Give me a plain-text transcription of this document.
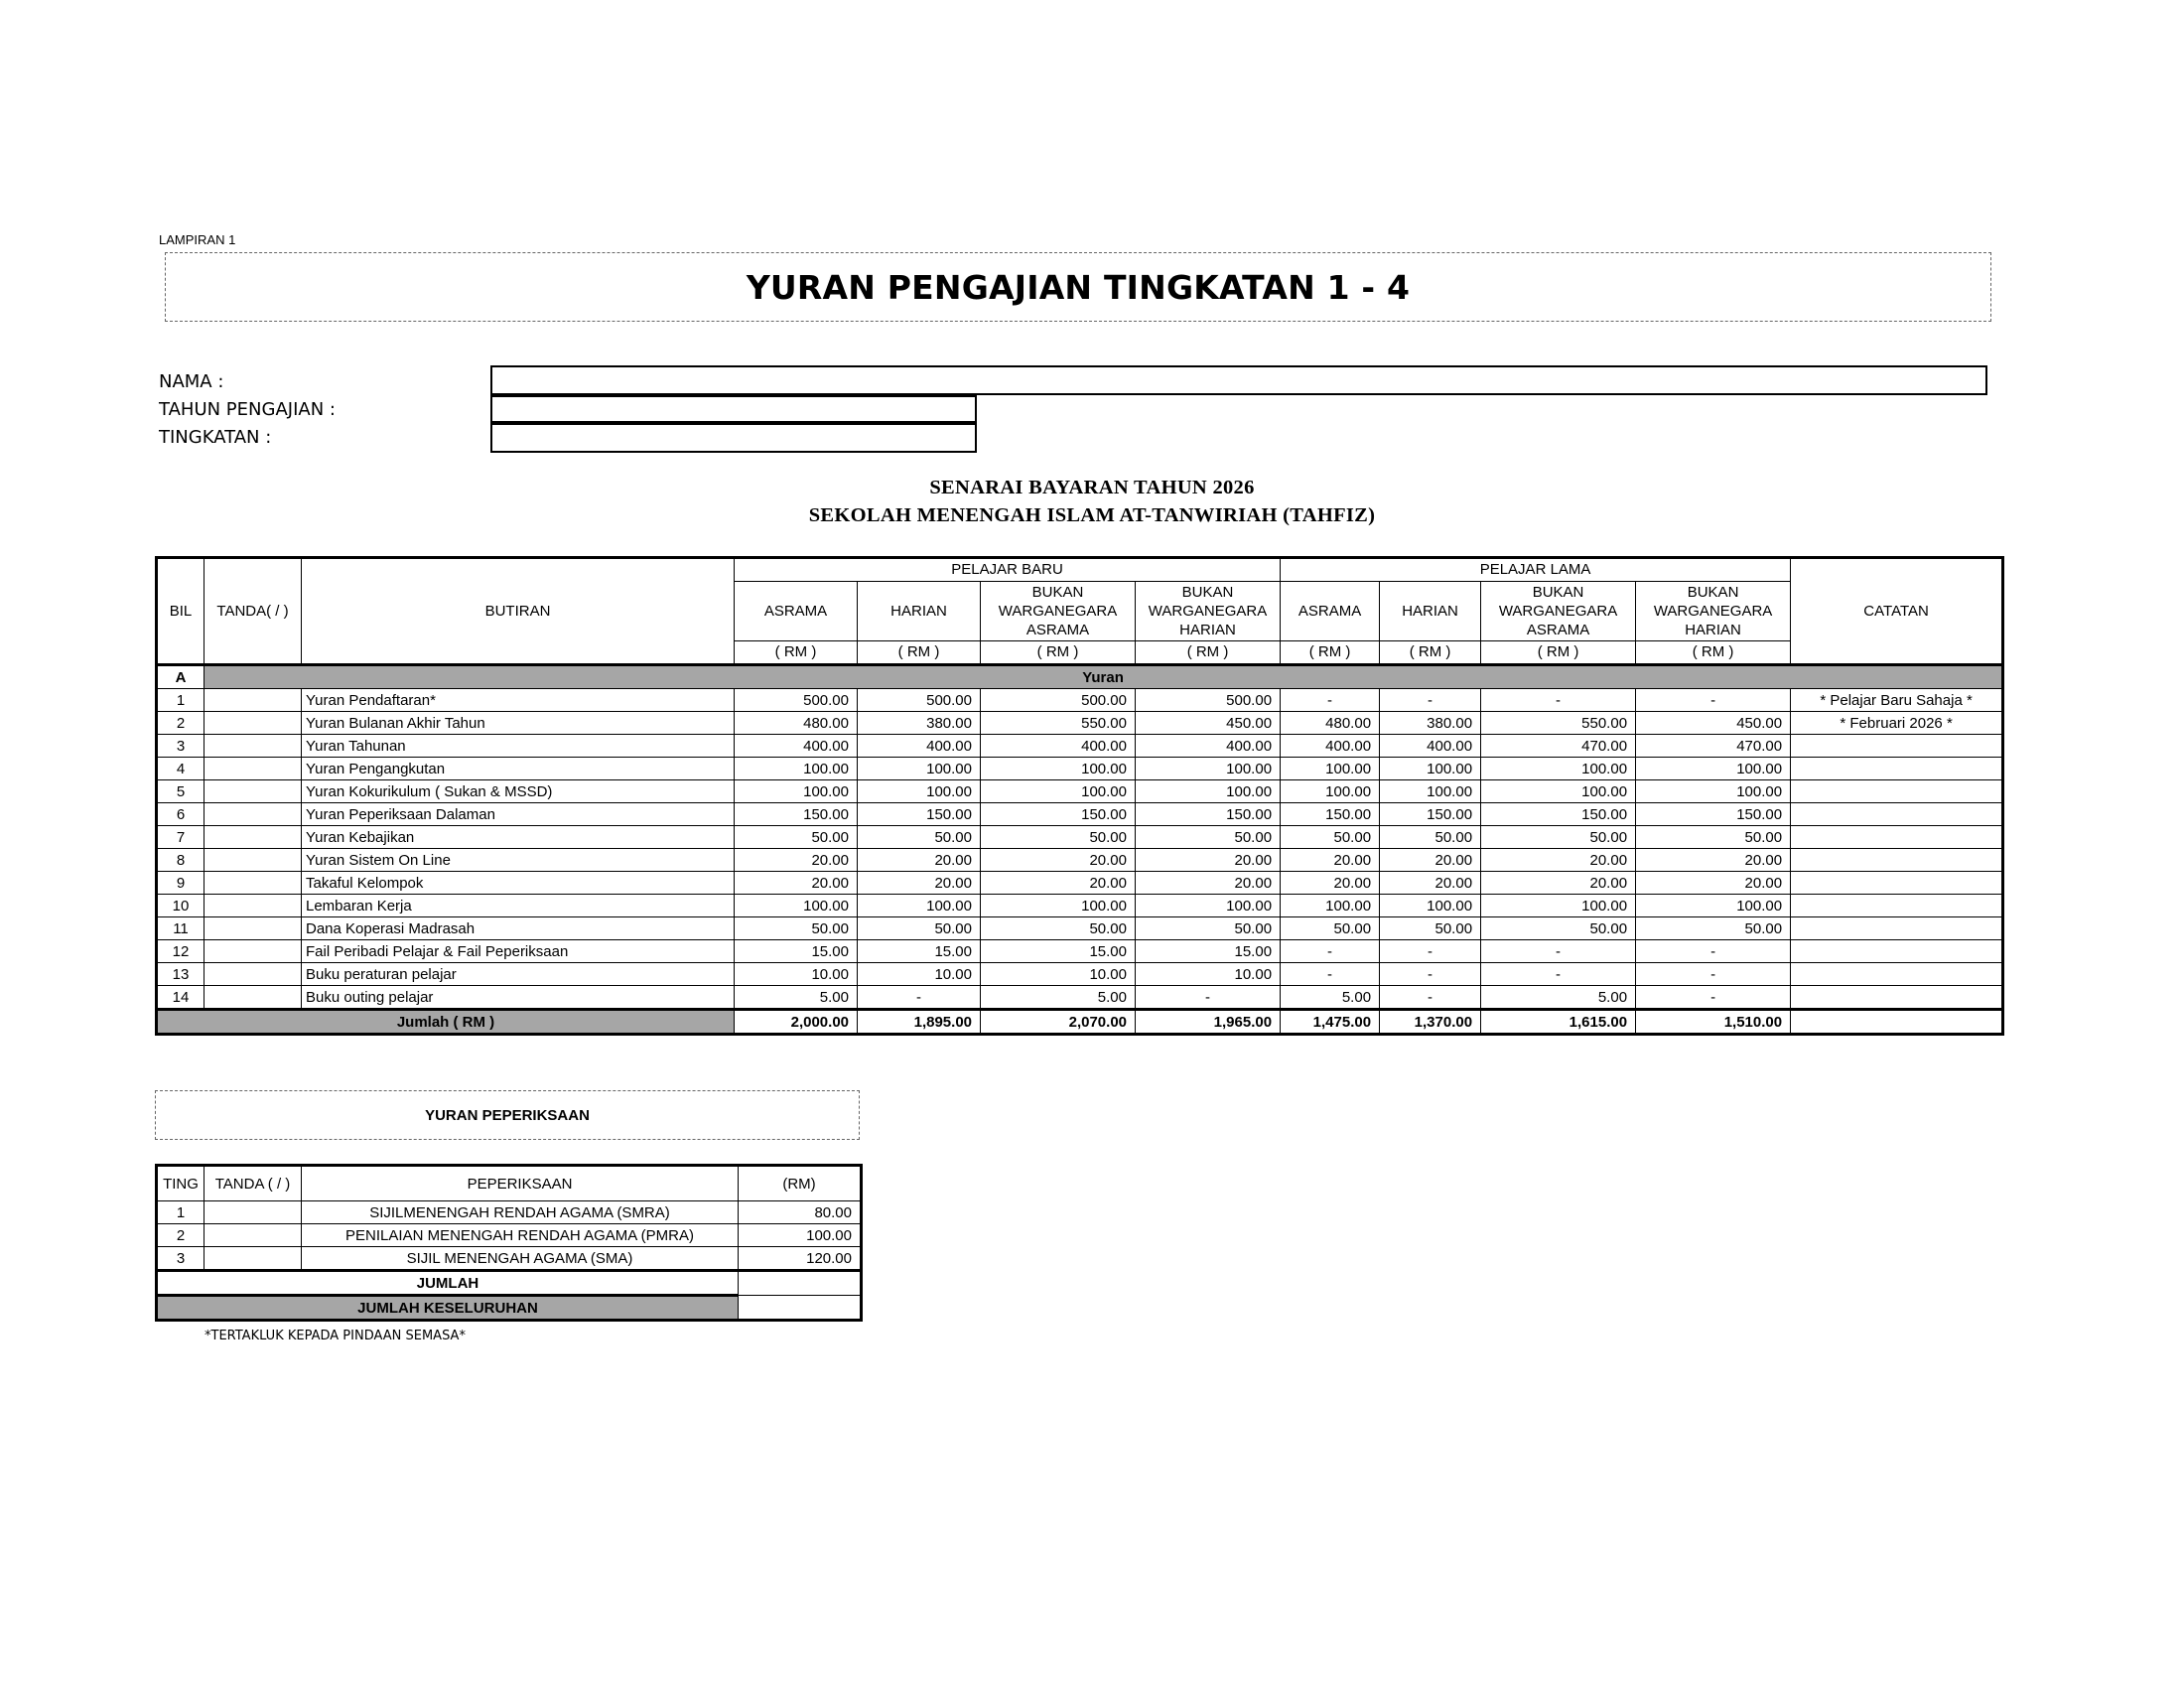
LAMPIRAN 1
YURAN PENGAJIAN TINGKATAN 1 - 4
NAMA :
TAHUN PENGAJIAN :
TINGKATAN :
SENARAI BAYARAN TAHUN 2026
SEKOLAH MENENGAH ISLAM AT-TANWIRIAH (TAHFIZ)
BIL	TANDA( / )	BUTIRAN	PELAJAR BARU				PELAJAR LAMA				CATATAN
			ASRAMA	HARIAN	BUKAN WARGANEGARA ASRAMA	BUKAN WARGANEGARA HARIAN	ASRAMA	HARIAN	BUKAN WARGANEGARA ASRAMA	BUKAN WARGANEGARA HARIAN	
			( RM )	( RM )	( RM )	( RM )	( RM )	( RM )	( RM )	( RM )	
A	Yuran										
1		Yuran Pendaftaran*	500.00	500.00	500.00	500.00	-	-	-	-	* Pelajar Baru Sahaja *
2		Yuran Bulanan Akhir Tahun	480.00	380.00	550.00	450.00	480.00	380.00	550.00	450.00	* Februari 2026 *
3		Yuran Tahunan	400.00	400.00	400.00	400.00	400.00	400.00	470.00	470.00	
4		Yuran Pengangkutan	100.00	100.00	100.00	100.00	100.00	100.00	100.00	100.00	
5		Yuran Kokurikulum ( Sukan & MSSD)	100.00	100.00	100.00	100.00	100.00	100.00	100.00	100.00	
6		Yuran Peperiksaan Dalaman	150.00	150.00	150.00	150.00	150.00	150.00	150.00	150.00	
7		Yuran Kebajikan	50.00	50.00	50.00	50.00	50.00	50.00	50.00	50.00	
8		Yuran Sistem On Line	20.00	20.00	20.00	20.00	20.00	20.00	20.00	20.00	
9		Takaful Kelompok	20.00	20.00	20.00	20.00	20.00	20.00	20.00	20.00	
10		Lembaran Kerja	100.00	100.00	100.00	100.00	100.00	100.00	100.00	100.00	
11		Dana Koperasi Madrasah	50.00	50.00	50.00	50.00	50.00	50.00	50.00	50.00	
12		Fail Peribadi Pelajar & Fail Peperiksaan	15.00	15.00	15.00	15.00	-	-	-	-	
13		Buku peraturan pelajar	10.00	10.00	10.00	10.00	-	-	-	-	
14		Buku outing pelajar	5.00	-	5.00	-	5.00	-	5.00	-	
Jumlah ( RM )			2,000.00	1,895.00	2,070.00	1,965.00	1,475.00	1,370.00	1,615.00	1,510.00	
YURAN PEPERIKSAAN
TING	TANDA ( / )	PEPERIKSAAN	(RM)
1		SIJILMENENGAH RENDAH AGAMA (SMRA)	80.00
2		PENILAIAN MENENGAH RENDAH AGAMA (PMRA)	100.00
3		SIJIL MENENGAH AGAMA (SMA)	120.00
JUMLAH			
JUMLAH KESELURUHAN			
*TERTAKLUK KEPADA PINDAAN SEMASA*
